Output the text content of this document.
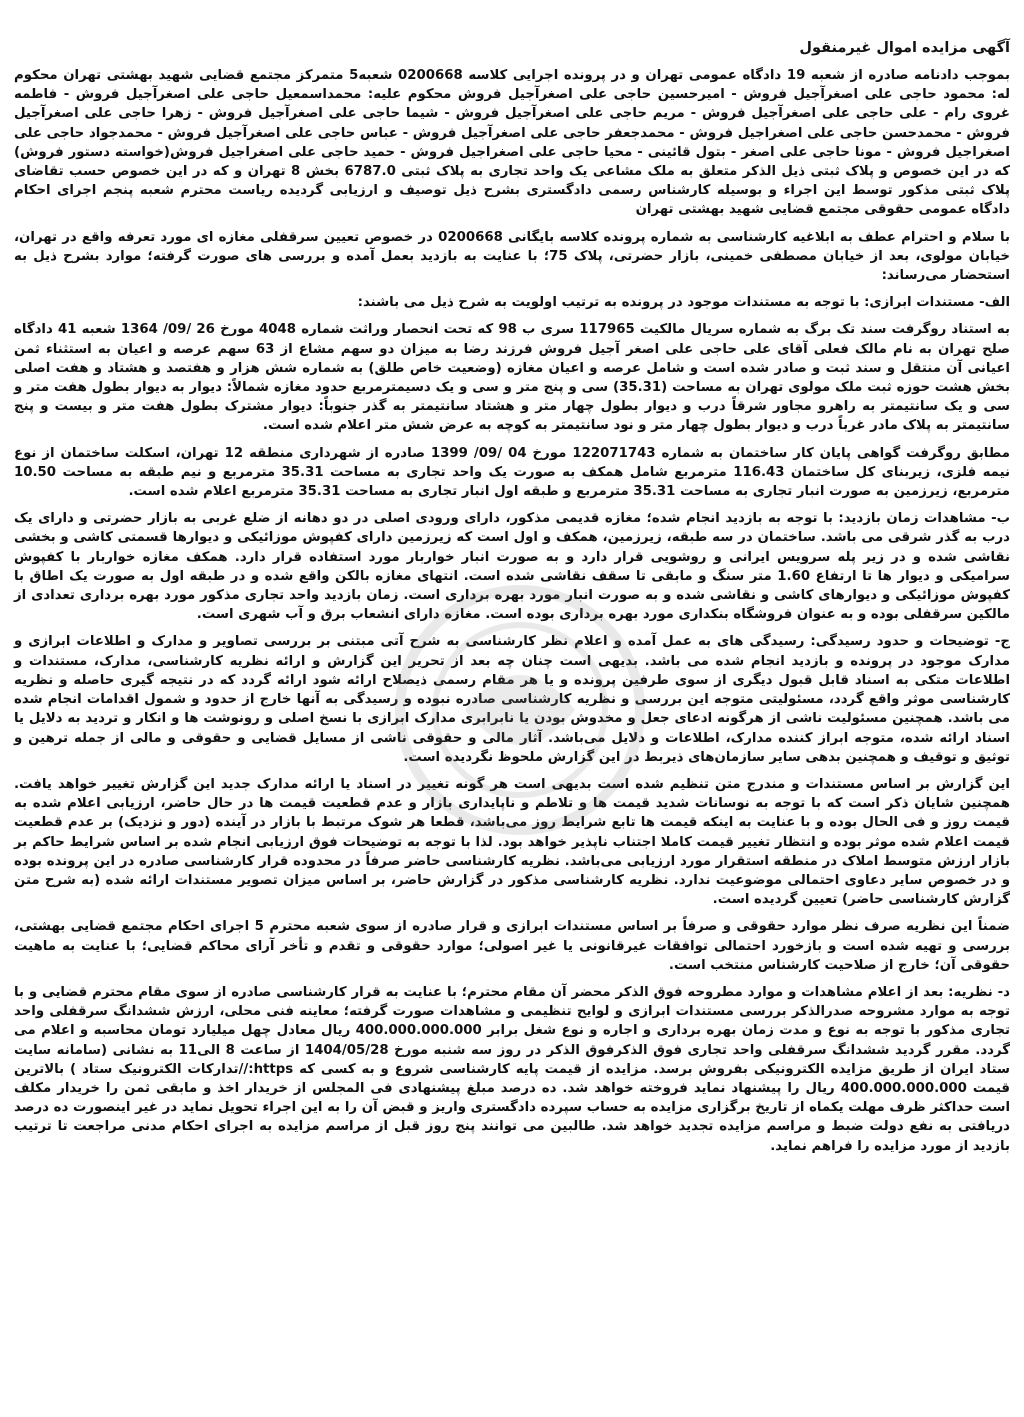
آگهی مزایده اموال غیرمنقول

بموجب دادنامه صادره از شعبه 19 دادگاه عمومی تهران و در پرونده اجرایی کلاسه 0200668 شعبه5 متمرکز مجتمع قضایی شهید بهشتی تهران محکوم له: محمود حاجی علی اصغرآجیل فروش - امیرحسین حاجی علی اصغرآجیل فروش محکوم علیه: محمداسمعیل حاجی علی اصغرآجیل فروش - فاطمه غروی رام - علی حاجی علی اصغرآجیل فروش - مریم حاجی علی اصغرآجیل فروش - شیما حاجی علی اصغرآجیل فروش - زهرا حاجی علی اصغرآجیل فروش - محمدحسن حاجی علی اصغراجیل فروش - محمدجعفر حاجی علی اصغرآجیل فروش - عباس حاجی علی اصغرآجیل فروش - محمدجواد حاجی علی اصغراجیل فروش - مونا حاجی علی اصغر - بتول قائینی - محیا حاجی علی اصغراجیل فروش - حمید حاجی علی اصغراجیل فروش(خواسته دستور فروش) که در این خصوص و پلاک ثبتی ذیل الذکر متعلق به ملک مشاعی یک واحد تجاری به پلاک ثبتی 6787.0 بخش 8 تهران و که در این خصوص حسب تقاضای پلاک ثبتی مذکور توسط این اجراء و بوسیله کارشناس رسمی دادگستری بشرح ذیل توصیف و ارزیابی گردیده ریاست محترم شعبه پنجم اجرای احکام دادگاه عمومی حقوقی مجتمع قضایی شهید بهشتی تهران

با سلام و احترام عطف به ابلاغیه کارشناسی به شماره پرونده کلاسه بایگانی 0200668 در خصوص تعیین سرقفلی مغازه ای مورد تعرفه واقع در تهران، خیابان مولوی، بعد از خیابان مصطفی خمینی، بازار حضرتی، پلاک 75؛ با عنایت به بازدید بعمل آمده و بررسی های صورت گرفته؛ موارد بشرح ذیل به استحضار می‌رساند:

الف- مستندات ابرازی: با توجه به مستندات موجود در پرونده به ترتیب اولویت به شرح ذیل می باشند:

به استناد روگرفت سند تک برگ به شماره سریال مالکیت 117965 سری ب 98 که تحت انحصار وراثت شماره 4048 مورخ 26 /09/ 1364 شعبه 41 دادگاه صلح تهران به نام مالک فعلی آقای علی حاجی علی اصغر آجیل فروش فرزند رضا به میزان دو سهم مشاع از 63 سهم عرصه و اعیان به استثناء ثمن اعیانی آن منتقل و سند ثبت و صادر شده است و شامل عرصه و اعیان مغازه (وضعیت خاص طلق) به شماره شش هزار و هفتصد و هشتاد و هفت اصلی بخش هشت حوزه ثبت ملک مولوی تهران به مساحت (35.31) سی و پنج متر و سی و یک دسیمترمربع حدود مغازه شمالاً: دیوار به دیوار بطول هفت متر و سی و یک سانتیمتر به راهرو مجاور شرقاً درب و دیوار بطول چهار متر و هشتاد سانتیمتر به گذر جنوباً: دیوار مشترک بطول هفت متر و بیست و پنج سانتیمتر به پلاک مادر غرباً درب و دیوار بطول چهار متر و نود سانتیمتر به کوچه به عرض شش متر اعلام شده است.

مطابق روگرفت گواهی پایان کار ساختمان به شماره 122071743 مورخ 04 /09/ 1399 صادره از شهرداری منطقه 12 تهران، اسکلت ساختمان از نوع نیمه فلزی، زیربنای کل ساختمان 116.43 مترمربع شامل همکف به صورت یک واحد تجاری به مساحت 35.31 مترمربع و نیم طبقه به مساحت 10.50 مترمربع، زیرزمین به صورت انبار تجاری به مساحت 35.31 مترمربع و طبقه اول انبار تجاری به مساحت 35.31 مترمربع اعلام شده است.

ب- مشاهدات زمان بازدید: با توجه به بازدید انجام شده؛ مغازه قدیمی مذکور، دارای ورودی اصلی در دو دهانه از ضلع غربی به بازار حضرتی و دارای یک درب به گذر شرقی می باشد. ساختمان در سه طبقه، زیرزمین، همکف و اول است که زیرزمین دارای کفپوش موزائیکی و دیوارها قسمتی کاشی و بخشی نقاشی شده و در زیر پله سرویس ایرانی و روشویی قرار دارد و به صورت انبار خواربار مورد استفاده قرار دارد. همکف مغازه خواربار با کفپوش سرامیکی و دیوار ها تا ارتفاع 1.60 متر سنگ و مابقی تا سقف نقاشی شده است. انتهای مغازه بالکن واقع شده و در طبقه اول به صورت یک اطاق با کفپوش موزائیکی و دیوارهای کاشی و نقاشی شده و به صورت انبار مورد بهره برداری است. زمان بازدید واحد تجاری مذکور مورد بهره برداری تعدادی از مالکین سرقفلی بوده و به عنوان فروشگاه بنکداری مورد بهره برداری بوده است. مغازه دارای انشعاب برق و آب شهری است.

ج- توضیحات و حدود رسیدگی: رسیدگی های به عمل آمده و اعلام نظر کارشناسی به شرح آتی مبتنی بر بررسی تصاویر و مدارک و اطلاعات ابرازی و مدارک موجود در پرونده و بازدید انجام شده می باشد. بدیهی است چنان چه بعد از تحریر این گزارش و ارائه نظریه کارشناسی، مدارک، مستندات و اطلاعات متکی به اسناد قابل قبول دیگری از سوی طرفین پرونده و یا هر مقام رسمی ذیصلاح ارائه شود ارائه گردد که در نتیجه گیری حاصله و نظریه کارشناسی موثر واقع گردد، مسئولیتی متوجه این بررسی و نظریه کارشناسی صادره نبوده و رسیدگی به آنها خارج از حدود و شمول اقدامات انجام شده می باشد. همچنین مسئولیت ناشی از هرگونه ادعای جعل و مخدوش بودن یا نابرابری مدارک ابرازی با نسخ اصلی و رونوشت ها و انکار و تردید به دلایل یا اسناد ارائه شده، متوجه ابراز کننده مدارک، اطلاعات و دلایل می‌باشد. آثار مالی و حقوقی ناشی از مسایل قضایی و حقوقی و مالی از جمله ترهین و توثیق و توقیف و همچنین بدهی سایر سازمان‌های ذیربط در این گزارش ملحوظ نگردیده است.

این گزارش بر اساس مستندات و مندرج متن تنظیم شده است بدیهی است هر گونه تغییر در اسناد یا ارائه مدارک جدید این گزارش تغییر خواهد یافت. همچنین شایان ذکر است که با توجه به نوسانات شدید قیمت ها و تلاطم و ناپایداری بازار و عدم قطعیت قیمت ها در حال حاضر، ارزیابی اعلام شده به قیمت روز و فی الحال بوده و با عنایت به اینکه قیمت ها تابع شرایط روز می‌باشد، قطعا هر شوک مرتبط با بازار در آینده (دور و نزدیک) بر عدم قطعیت قیمت اعلام شده موثر بوده و انتظار تغییر قیمت کاملا اجتناب ناپذیر خواهد بود. لذا با توجه به توضیحات فوق ارزیابی انجام شده بر اساس شرایط حاکم بر بازار ارزش متوسط املاک در منطقه استقرار مورد ارزیابی می‌باشد. نظریه کارشناسی حاضر صرفاً در محدوده قرار کارشناسی صادره در این پرونده بوده و در خصوص سایر دعاوی احتمالی موضوعیت ندارد. نظریه کارشناسی مذکور در گزارش حاضر، بر اساس میزان تصویر مستندات ارائه شده (به شرح متن گزارش کارشناسی حاضر) تعیین گردیده است.

ضمناً این نظریه صرف نظر موارد حقوقی و صرفاً بر اساس مستندات ابرازی و قرار صادره از سوی شعبه محترم 5 اجرای احکام مجتمع قضایی بهشتی، بررسی و تهیه شده است و بازخورد احتمالی توافقات غیرقانونی یا غیر اصولی؛ موارد حقوقی و تقدم و تأخر آرای محاکم قضایی؛ با عنایت به ماهیت حقوقی آن؛ خارج از صلاحیت کارشناس منتخب است.

د- نظریه: بعد از اعلام مشاهدات و موارد مطروحه فوق الذکر محضر آن مقام محترم؛ با عنایت به قرار کارشناسی صادره از سوی مقام محترم قضایی و با توجه به موارد مشروحه صدرالذکر بررسی مستندات ابرازی و لوایح تنظیمی و مشاهدات صورت گرفته؛ معاینه فنی محلی، ارزش ششدانگ سرقفلی واحد تجاری مذکور با توجه به نوع و مدت زمان بهره برداری و اجاره و نوع شغل برابر 400.000.000.000 ریال معادل چهل میلیارد تومان محاسبه و اعلام می گردد. مقرر گردید ششدانگ سرقفلی واحد تجاری فوق الذکرفوق الذکر در روز سه شنبه مورخ 1404/05/28 از ساعت 8 الی11 به نشانی (سامانه سایت ستاد ایران از طریق مزایده الکترونیکی بفروش برسد. مزایده از قیمت پایه کارشناسی شروع و به کسی که https://تدارکات الکترونیک ستاد ) بالاترین قیمت 400.000.000.000 ریال را پیشنهاد نماید فروخته خواهد شد. ده درصد مبلغ پیشنهادی فی المجلس از خریدار اخذ و مابقی ثمن را خریدار مکلف است حداکثر ظرف مهلت یکماه از تاریخ برگزاری مزایده به حساب سپرده دادگستری واریز و قبض آن را به این اجراء تحویل نماید در غیر اینصورت ده درصد دریافتی به نفع دولت ضبط و مراسم مزایده تجدید خواهد شد. طالبین می توانند پنج روز قبل از مراسم مزایده به اجرای احکام مدنی مراجعت تا ترتیب بازدید از مورد مزایده را فراهم نماید.
